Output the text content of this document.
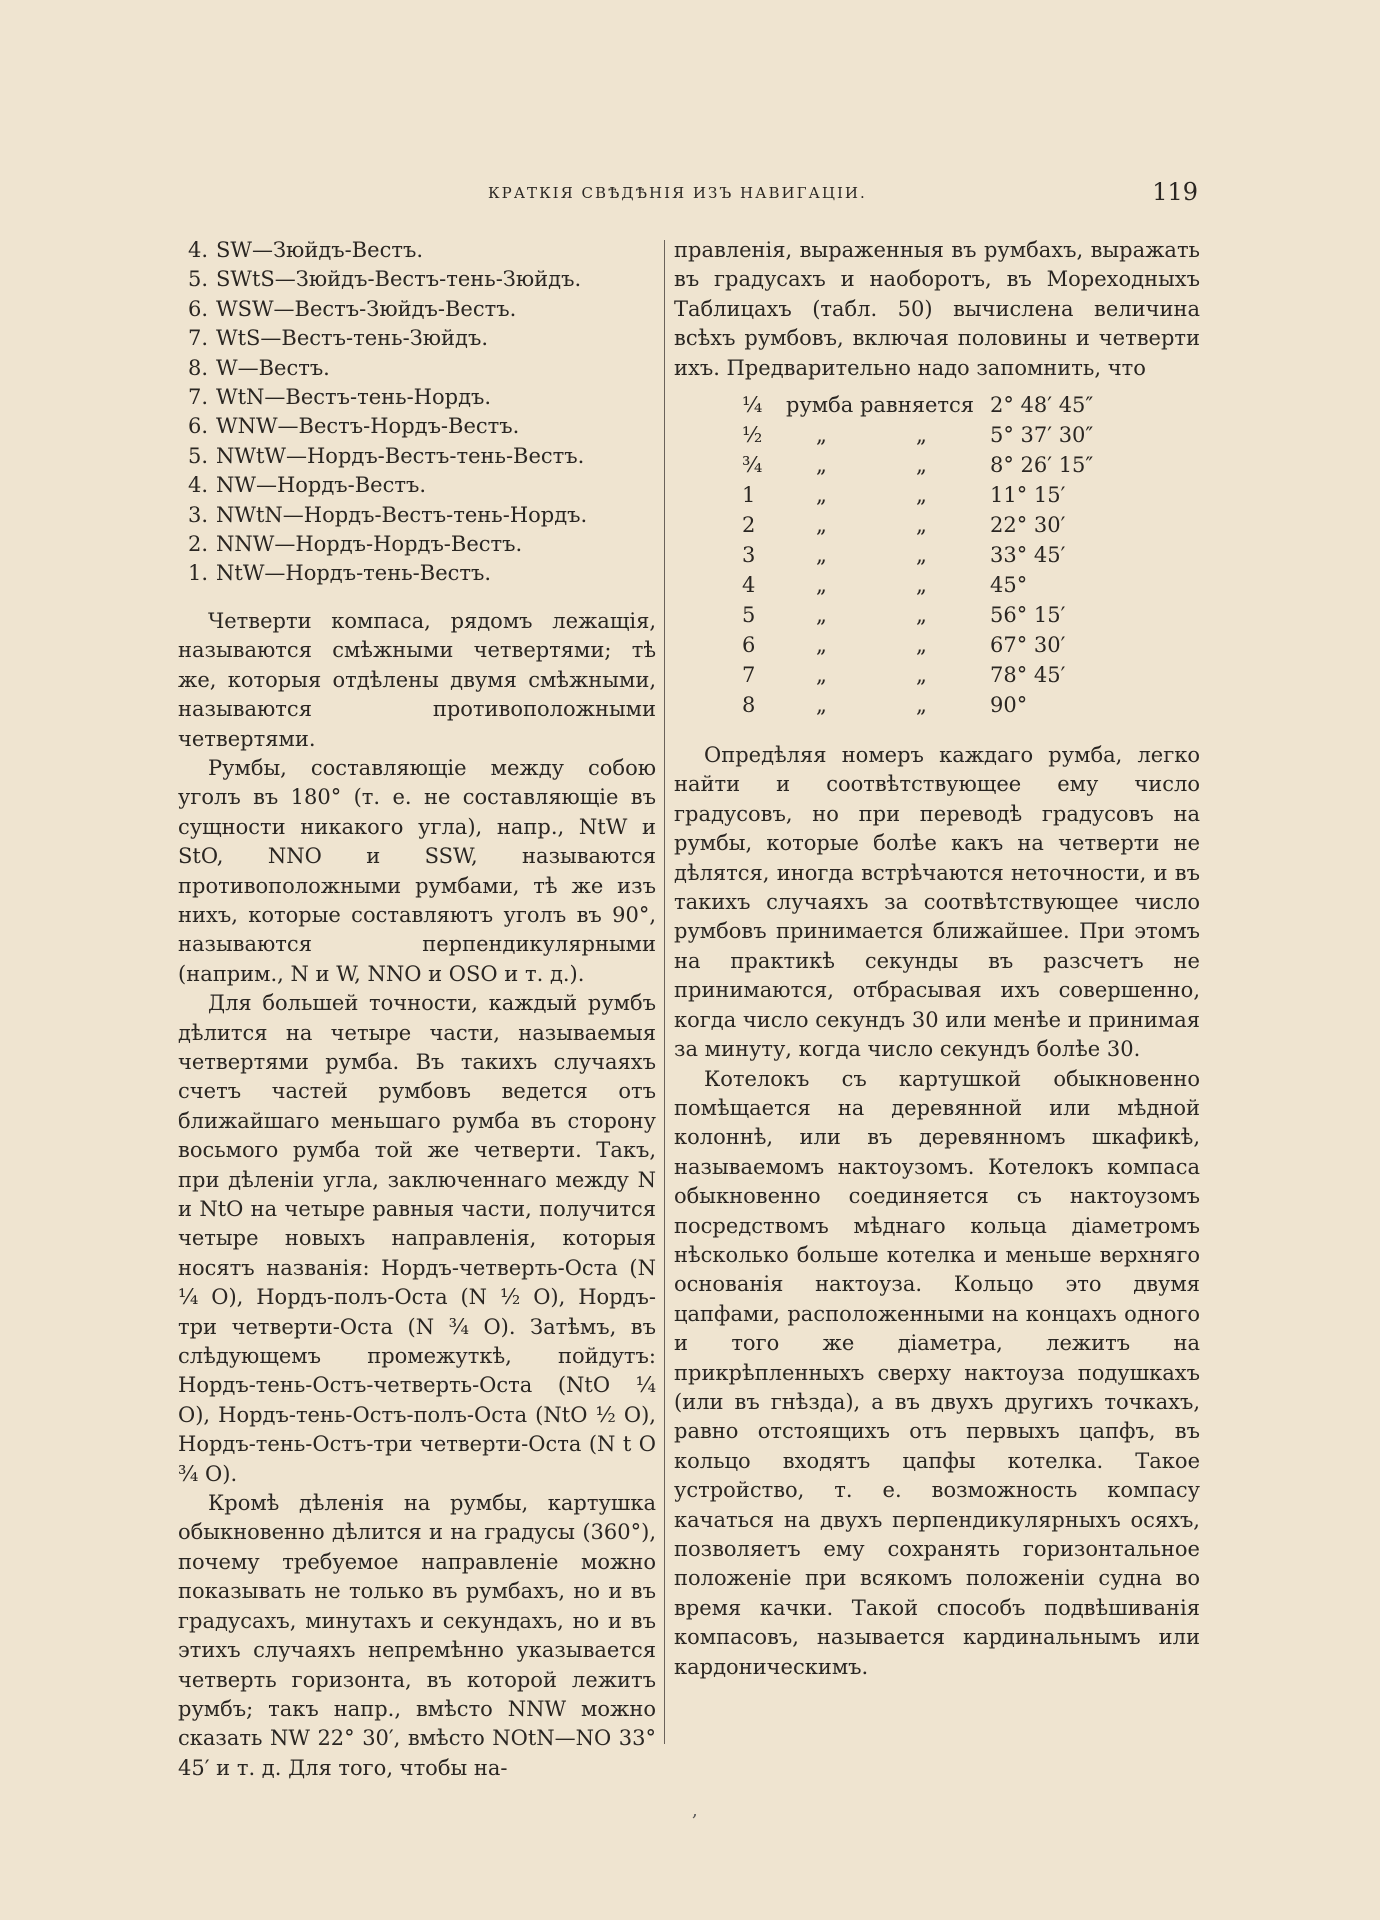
КРАТКІЯ СВѢДѢНІЯ ИЗЪ НАВИГАЦІИ.	119
4. SW—Зюйдъ-Вестъ.
5. SWtS—Зюйдъ-Вестъ-тень-Зюйдъ.
6. WSW—Вестъ-Зюйдъ-Вестъ.
7. WtS—Вестъ-тень-Зюйдъ.
8. W—Вестъ.
7. WtN—Вестъ-тень-Нордъ.
6. WNW—Вестъ-Нордъ-Вестъ.
5. NWtW—Нордъ-Вестъ-тень-Вестъ.
4. NW—Нордъ-Вестъ.
3. NWtN—Нордъ-Вестъ-тень-Нордъ.
2. NNW—Нордъ-Нордъ-Вестъ.
1. NtW—Нордъ-тень-Вестъ.

Четверти компаса, рядомъ лежащія, называются смѣжными четвертями; тѣ же, которыя отдѣлены двумя смѣжными, называются противоположными четвертями.

Румбы, составляющіе между собою уголъ въ 180° (т. е. не составляющіе въ сущности никакого угла), напр., NtW и StO, NNO и SSW, называются противоположными румбами, тѣ же изъ нихъ, которые составляютъ уголъ въ 90°, называются перпендикулярными (наприм., N и W, NNO и OSO и т. д.).

Для большей точности, каждый румбъ дѣлится на четыре части, называемыя четвертями румба. Въ такихъ случаяхъ счетъ частей румбовъ ведется отъ ближайшаго меньшаго румба въ сторону восьмого румба той же четверти. Такъ, при дѣленіи угла, заключеннаго между N и NtO на четыре равныя части, получится четыре новыхъ направленія, которыя носятъ названія: Нордъ-четверть-Оста (N ¼ O), Нордъ-полъ-Оста (N ½ O), Нордъ-три четверти-Оста (N ¾ O). Затѣмъ, въ слѣдующемъ промежуткѣ, пойдутъ: Нордъ-тень-Остъ-четверть-Оста (NtO ¼ O), Нордъ-тень-Остъ-полъ-Оста (NtO ½ O), Нордъ-тень-Остъ-три четверти-Оста (N t O ¾ O).

Кромѣ дѣленія на румбы, картушка обыкновенно дѣлится и на градусы (360°), почему требуемое направленіе можно показывать не только въ румбахъ, но и въ градусахъ, минутахъ и секундахъ, но и въ этихъ случаяхъ непремѣнно указывается четверть горизонта, въ которой лежитъ румбъ; такъ напр., вмѣсто NNW можно сказать NW 22° 30′, вмѣсто NOtN—NO 33° 45′ и т. д. Для того, чтобы на-

правленія, выраженныя въ румбахъ, выражать въ градусахъ и наоборотъ, въ Мореходныхъ Таблицахъ (табл. 50) вычислена величина всѣхъ румбовъ, включая половины и четверти ихъ. Предварительно надо запомнить, что

¼ румба равняется 2° 48′ 45″
½	„	„	5° 37′ 30″
¾	„	„	8° 26′ 15″
1	„	„	11° 15′
2	„	„	22° 30′
3	„	„	33° 45′
4	„	„	45°
5	„	„	56° 15′
6	„	„	67° 30′
7	„	„	78° 45′
8	„	„	90°

Опредѣляя номеръ каждаго румба, легко найти и соотвѣтствующее ему число градусовъ, но при переводѣ градусовъ на румбы, которые болѣе какъ на четверти не дѣлятся, иногда встрѣчаются неточности, и въ такихъ случаяхъ за соотвѣтствующее число румбовъ принимается ближайшее. При этомъ на практикѣ секунды въ разсчетъ не принимаются, отбрасывая ихъ совершенно, когда число секундъ 30 или менѣе и принимая за минуту, когда число секундъ болѣе 30.

Котелокъ съ картушкой обыкновенно помѣщается на деревянной или мѣдной колоннѣ, или въ деревянномъ шкафикѣ, называемомъ нактоузомъ. Котелокъ компаса обыкновенно соединяется съ нактоузомъ посредствомъ мѣднаго кольца діаметромъ нѣсколько больше котелка и меньше верхняго основанія нактоуза. Кольцо это двумя цапфами, расположенными на концахъ одного и того же діаметра, лежитъ на прикрѣпленныхъ сверху нактоуза подушкахъ (или въ гнѣзда), а въ двухъ другихъ точкахъ, равно отстоящихъ отъ первыхъ цапфъ, въ кольцо входятъ цапфы котелка. Такое устройство, т. е. возможность компасу качаться на двухъ перпендикулярныхъ осяхъ, позволяетъ ему сохранять горизонтальное положеніе при всякомъ положеніи судна во время качки. Такой способъ подвѣшиванія компасовъ, называется кардинальнымъ или кардоническимъ.

,
